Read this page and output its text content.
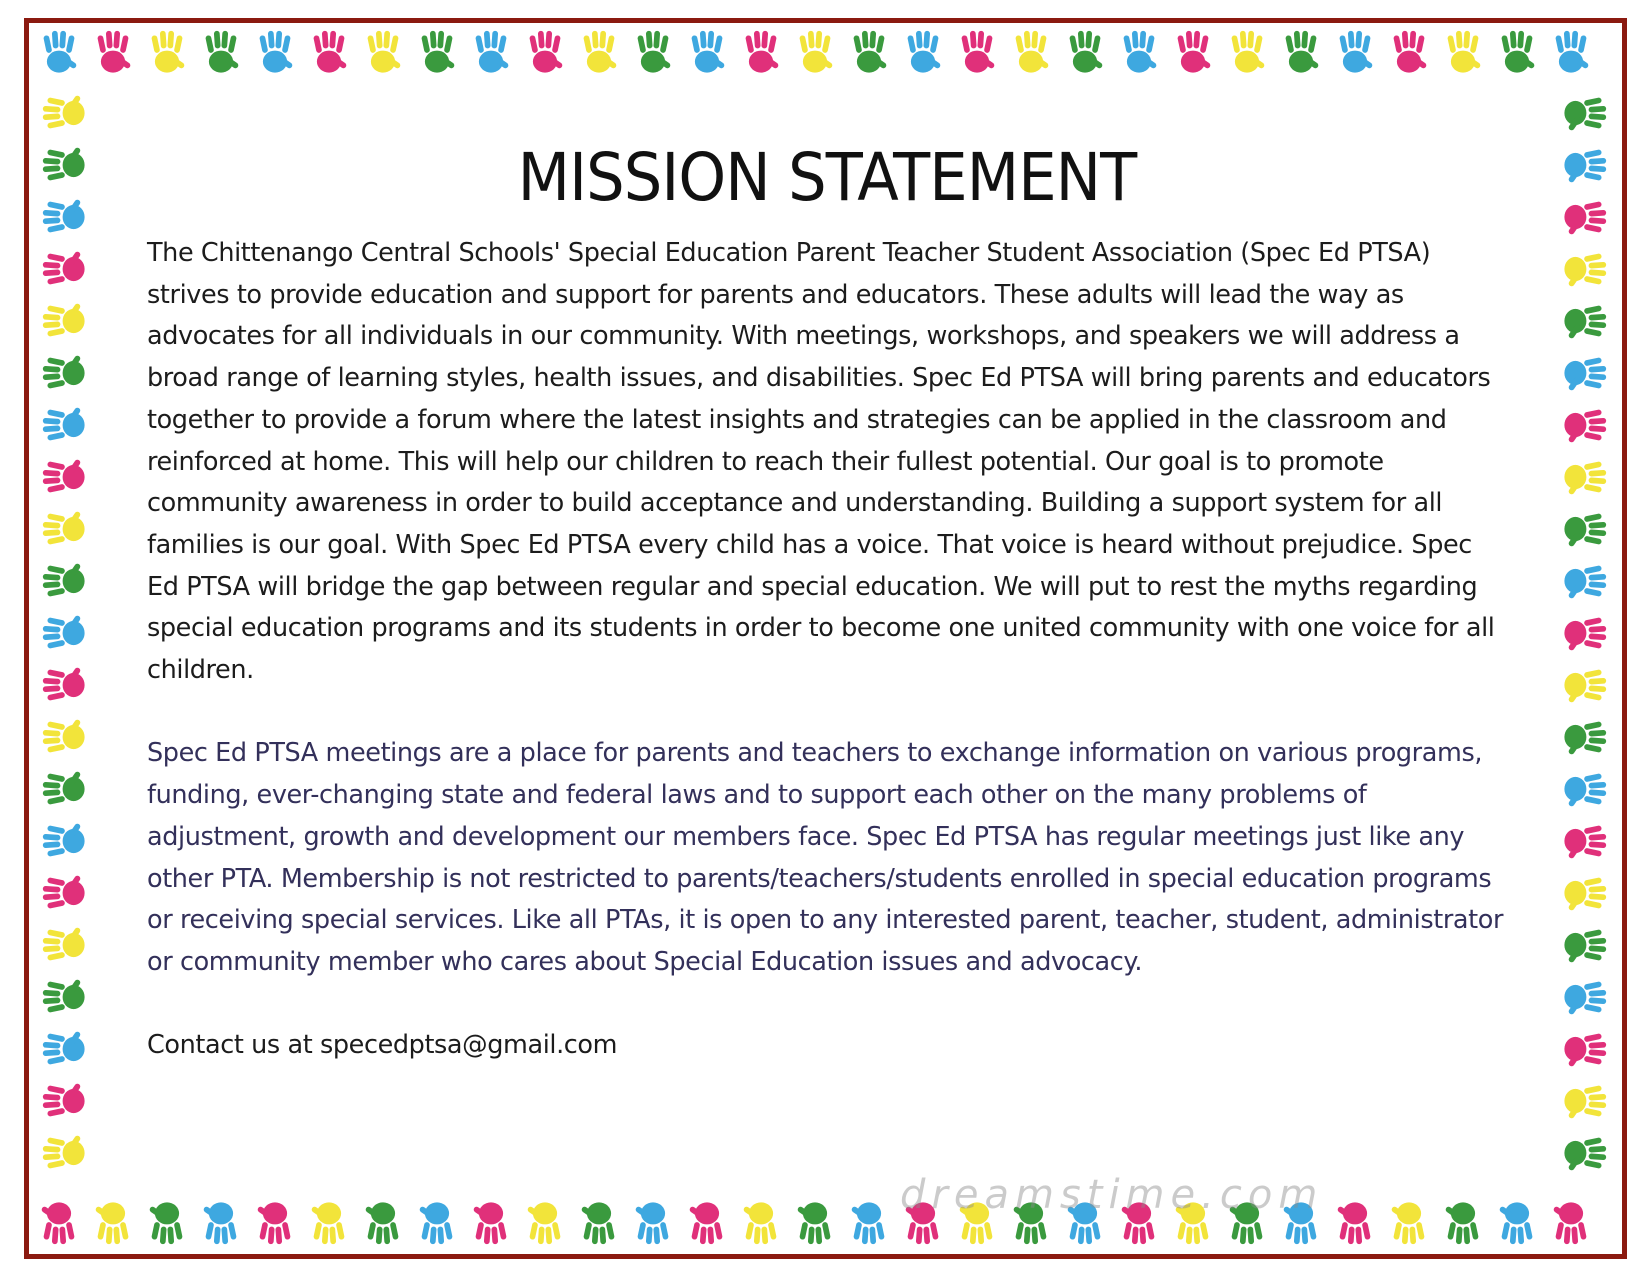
MISSION STATEMENT

The Chittenango Central Schools' Special Education Parent Teacher Student Association (Spec Ed PTSA) strives to provide education and support for parents and educators. These adults will lead the way as advocates for all individuals in our community. With meetings, workshops, and speakers we will address a broad range of learning styles, health issues, and disabilities. Spec Ed PTSA will bring parents and educators together to provide a forum where the latest insights and strategies can be applied in the classroom and reinforced at home. This will help our children to reach their fullest potential. Our goal is to promote community awareness in order to build acceptance and understanding. Building a support system for all families is our goal. With Spec Ed PTSA every child has a voice. That voice is heard without prejudice. Spec Ed PTSA will bridge the gap between regular and special education. We will put to rest the myths regarding special education programs and its students in order to become one united community with one voice for all children.

Spec Ed PTSA meetings are a place for parents and teachers to exchange information on various programs, funding, ever-changing state and federal laws and to support each other on the many problems of adjustment, growth and development our members face. Spec Ed PTSA has regular meetings just like any other PTA. Membership is not restricted to parents/teachers/students enrolled in special education programs or receiving special services. Like all PTAs, it is open to any interested parent, teacher, student, administrator or community member who cares about Special Education issues and advocacy.

Contact us at specedptsa@gmail.com

dreamstime.com
